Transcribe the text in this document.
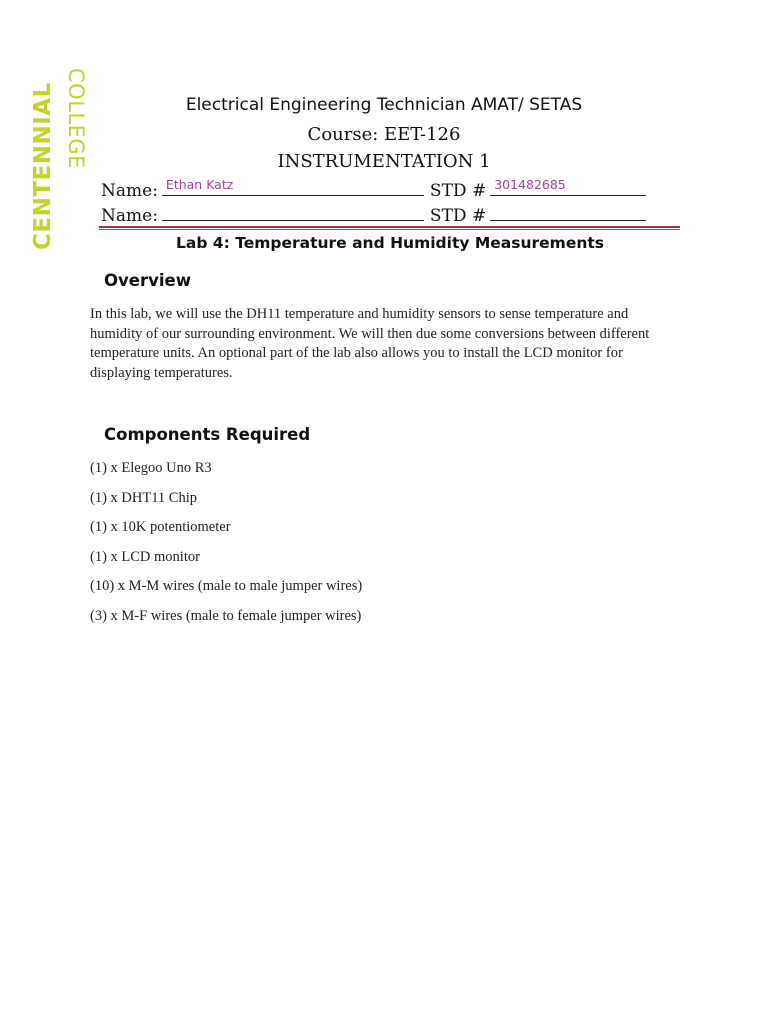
COLLEGE
CENTENNIAL	Electrical Engineering Technician AMAT/ SETAS
Course: EET-126
INSTRUMENTATION 1
Name: Ethan Katz	STD # 301482685
Name:	STD #
Lab 4: Temperature and Humidity Measurements
Overview
In this lab, we will use the DH11 temperature and humidity sensors to sense temperature and
humidity of our surrounding environment. We will then due some conversions between different
temperature units. An optional part of the lab also allows you to install the LCD monitor for
displaying temperatures.
Components Required
(1) x Elegoo Uno R3
(1) x DHT11 Chip
(1) x 10K potentiometer
(1) x LCD monitor
(10) x M-M wires (male to male jumper wires)
(3) x M-F wires (male to female jumper wires)
